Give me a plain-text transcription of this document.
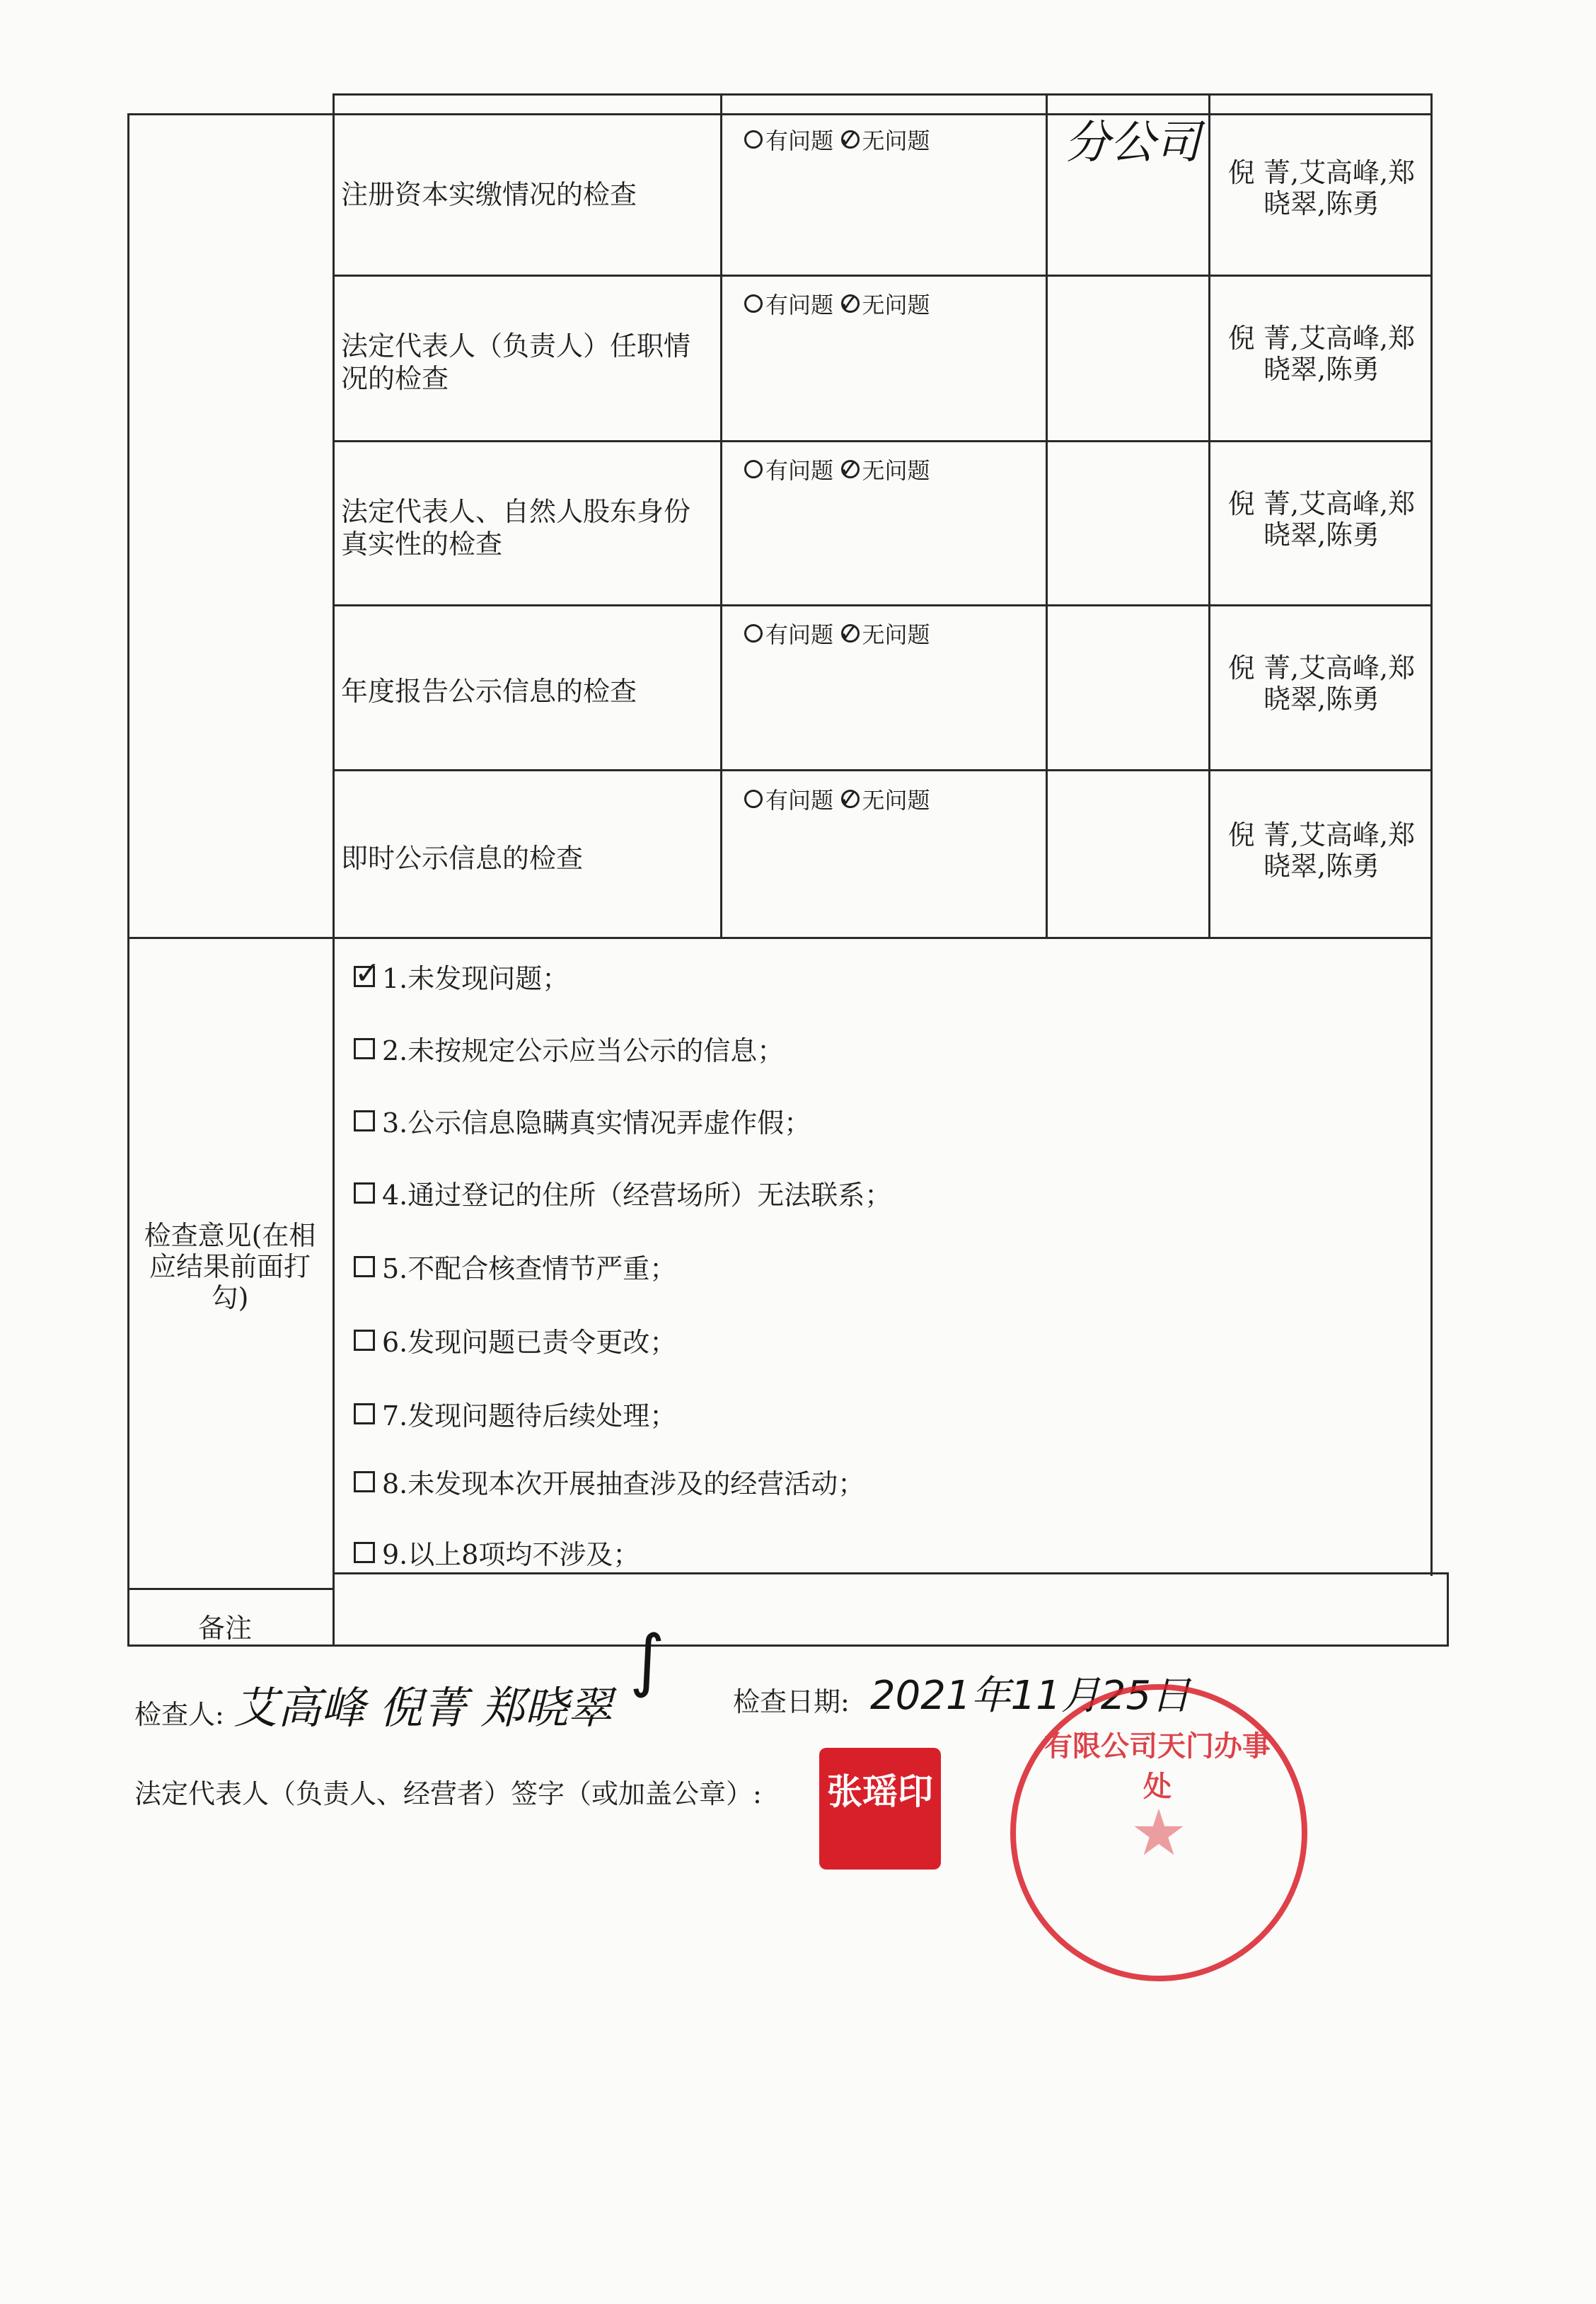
注册资本实缴情况的检查
有问题 ✓ 无问题	分公司
倪 菁,艾高峰,郑晓翠,陈勇
法定代表人（负责人）任职情况的检查
有问题 ✓ 无问题
倪 菁,艾高峰,郑晓翠,陈勇
法定代表人、自然人股东身份真实性的检查
有问题 ✓ 无问题
倪 菁,艾高峰,郑晓翠,陈勇
年度报告公示信息的检查
有问题 ✓ 无问题
倪 菁,艾高峰,郑晓翠,陈勇
即时公示信息的检查
有问题 ✓ 无问题
倪 菁,艾高峰,郑晓翠,陈勇
检查意见(在相应结果前面打勾)
✓ 1.未发现问题；
2.未按规定公示应当公示的信息；
3.公示信息隐瞒真实情况弄虚作假；
4.通过登记的住所（经营场所）无法联系；
5.不配合核查情节严重；
6.发现问题已责令更改；
7.发现问题待后续处理；
8.未发现本次开展抽查涉及的经营活动；
9.以上8项均不涉及；
备注
检查人: 艾高峰 倪菁 郑晓翠
∫
检查日期: 2021年11月25日
法定代表人（负责人、经营者）签字（或加盖公章）: 张瑶印
★
有限公司天门办事处
